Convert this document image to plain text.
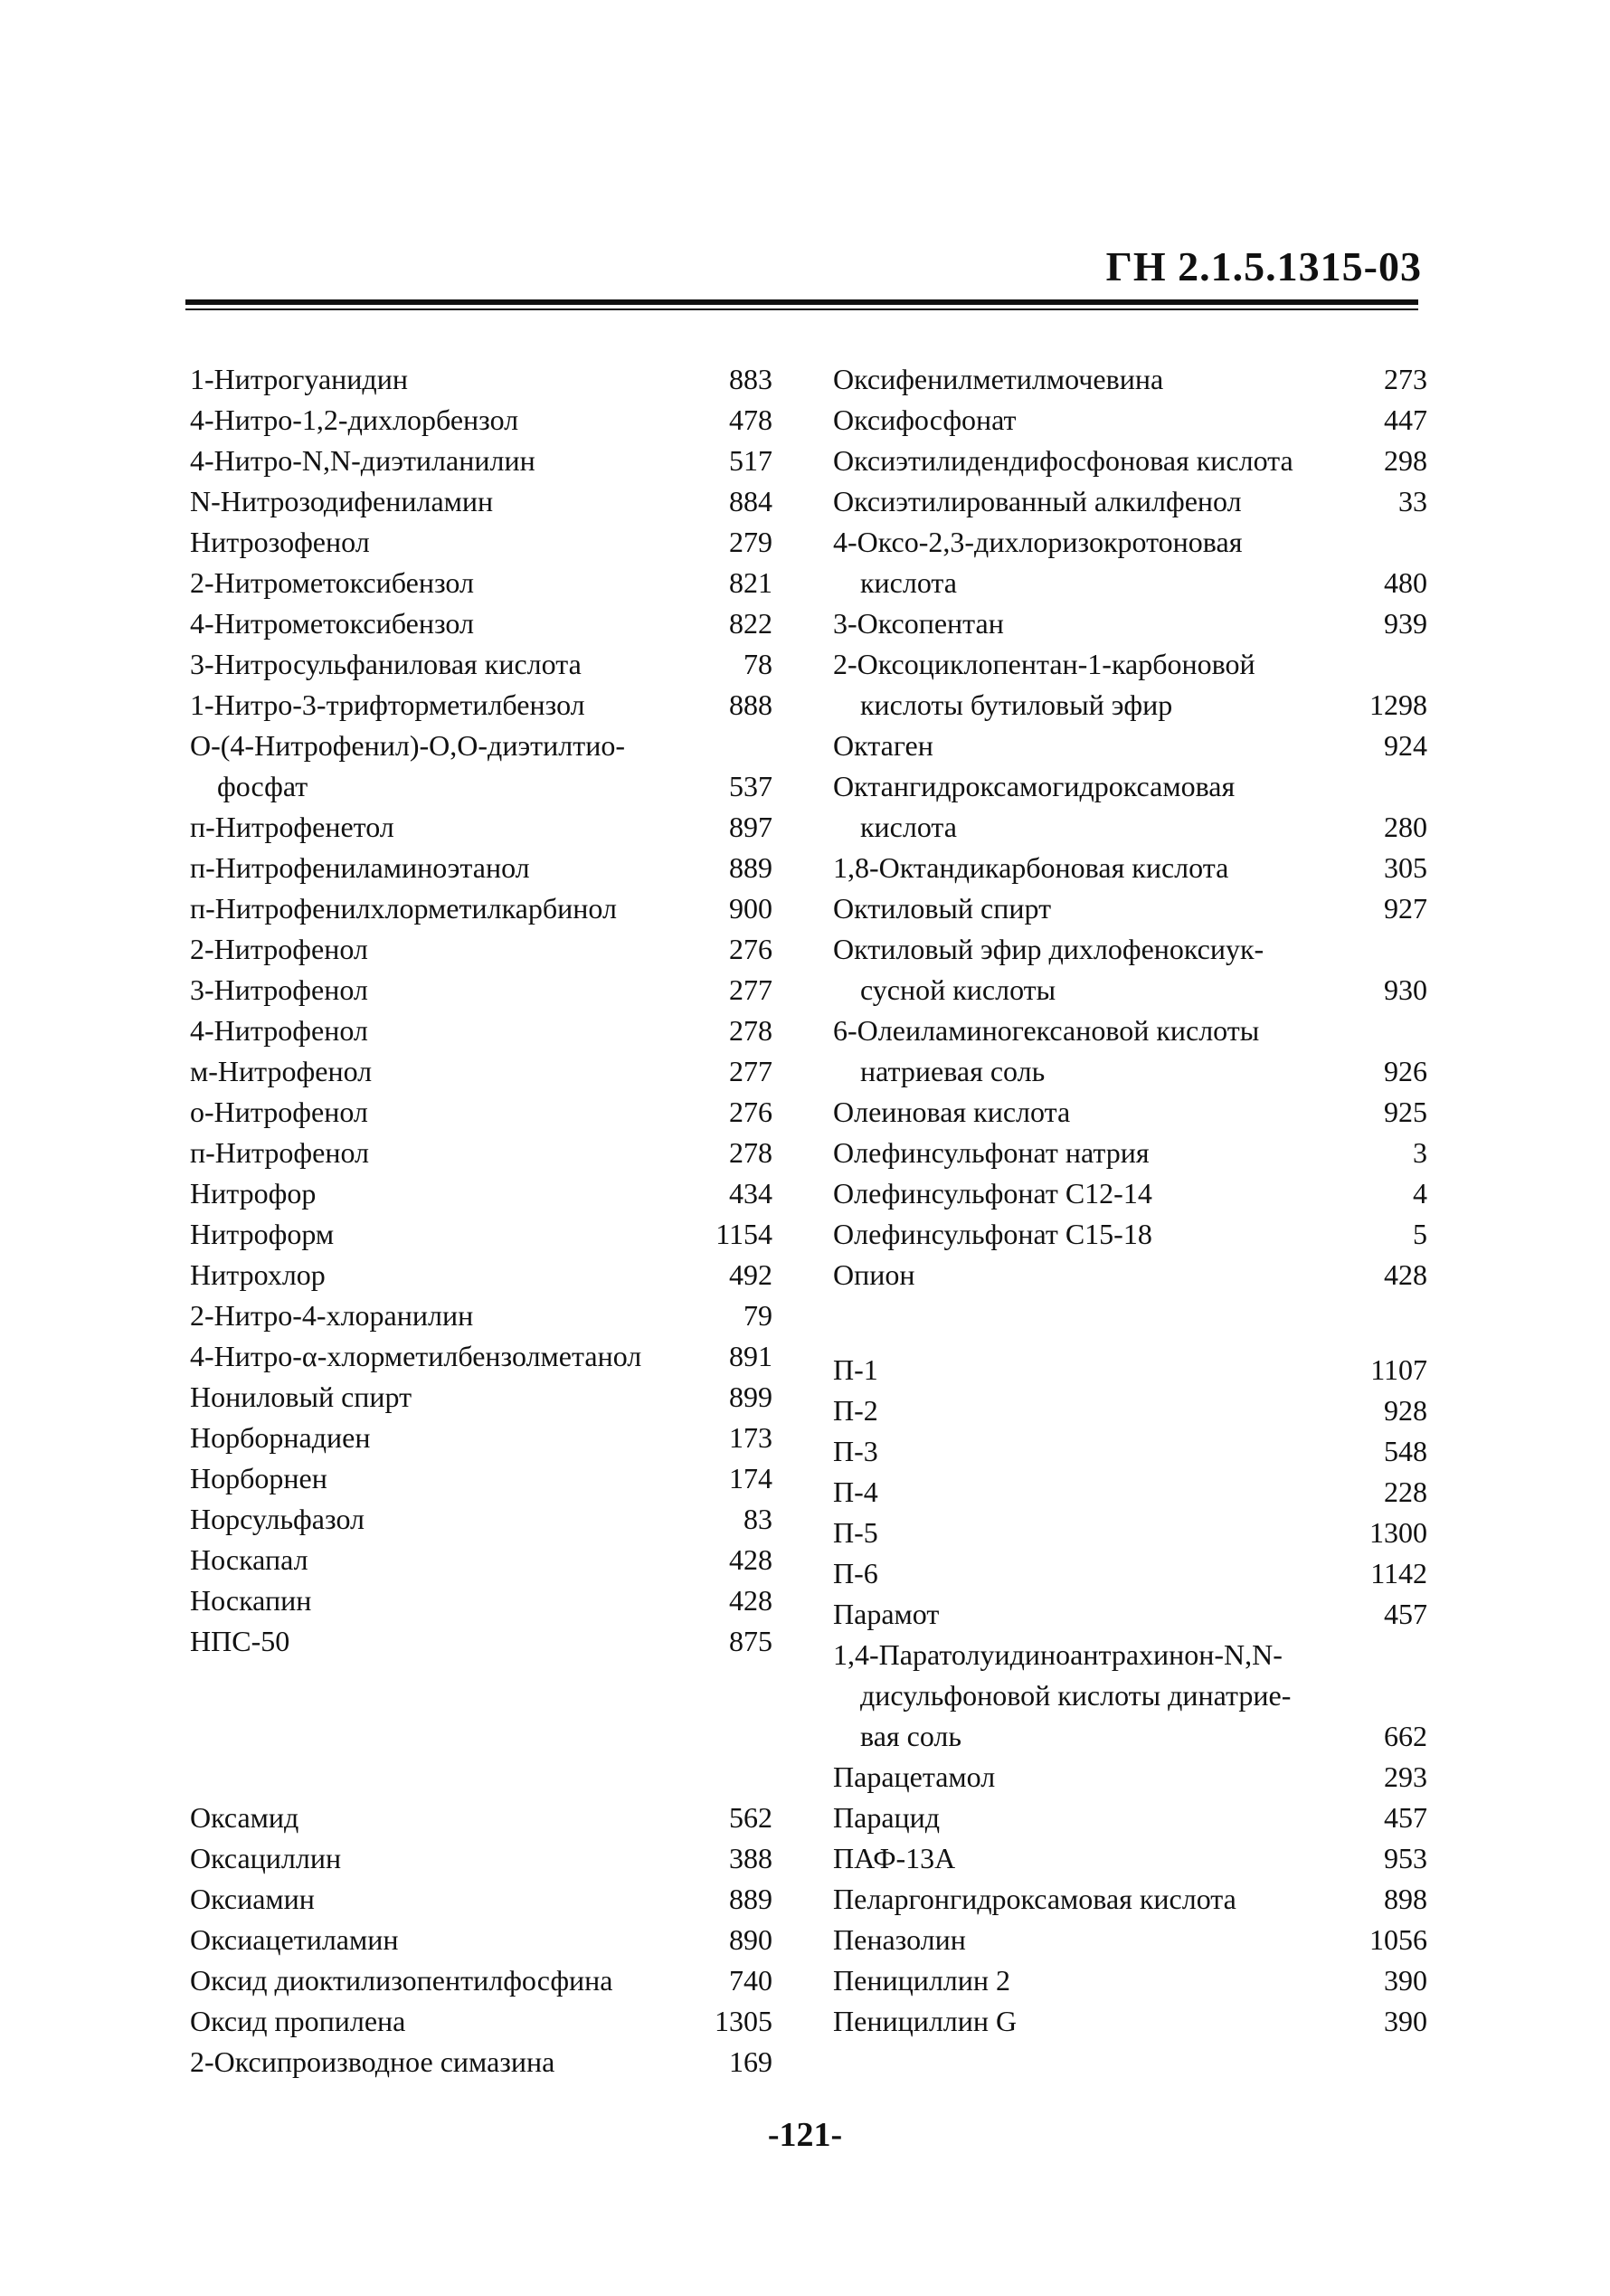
ГН 2.1.5.1315-03
1-Нитрогуанидин	883
4-Нитро-1,2-дихлорбензол	478
4-Нитро-N,N-диэтиланилин	517
N-Нитрозодифениламин	884
Нитрозофенол	279
2-Нитрометоксибензол	821
4-Нитрометоксибензол	822
3-Нитросульфаниловая кислота	78
1-Нитро-3-трифторметилбензол	888
О-(4-Нитрофенил)-О,О-диэтилтио-
фосфат	537
п-Нитрофенетол	897
п-Нитрофениламиноэтанол	889
п-Нитрофенилхлорметилкарбинол	900
2-Нитрофенол	276
3-Нитрофенол	277
4-Нитрофенол	278
м-Нитрофенол	277
о-Нитрофенол	276
п-Нитрофенол	278
Нитрофор	434
Нитроформ	1154
Нитрохлор	492
2-Нитро-4-хлоранилин	79
4-Нитро-α-хлорметилбензолметанол	891
Нониловый спирт	899
Норборнадиен	173
Норборнен	174
Норсульфазол	83
Носкапал	428
Носкапин	428
НПС-50	875
Оксамид	562
Оксациллин	388
Оксиамин	889
Оксиацетиламин	890
Оксид диоктилизопентилфосфина	740
Оксид пропилена	1305
2-Оксипроизводное симазина	169
Оксифенилметилмочевина	273
Оксифосфонат	447
Оксиэтилидендифосфоновая кислота	298
Оксиэтилированный алкилфенол	33
4-Оксо-2,3-дихлоризокротоновая
кислота	480
3-Оксопентан	939
2-Оксоциклопентан-1-карбоновой
кислоты бутиловый эфир	1298
Октаген	924
Октангидроксамогидроксамовая
кислота	280
1,8-Октандикарбоновая кислота	305
Октиловый спирт	927
Октиловый эфир дихлофеноксиук-
сусной кислоты	930
6-Олеиламиногексановой кислоты
натриевая соль	926
Олеиновая кислота	925
Олефинсульфонат натрия	3
Олефинсульфонат C12-14	4
Олефинсульфонат C15-18	5
Опион	428
П-1	1107
П-2	928
П-3	548
П-4	228
П-5	1300
П-6	1142
Парамот	457
1,4-Паратолуидиноантрахинон-N,N-
дисульфоновой кислоты динатрие-
вая соль	662
Парацетамол	293
Парацид	457
ПАФ-13А	953
Пеларгонгидроксамовая кислота	898
Пеназолин	1056
Пенициллин 2	390
Пенициллин G	390
-121-
